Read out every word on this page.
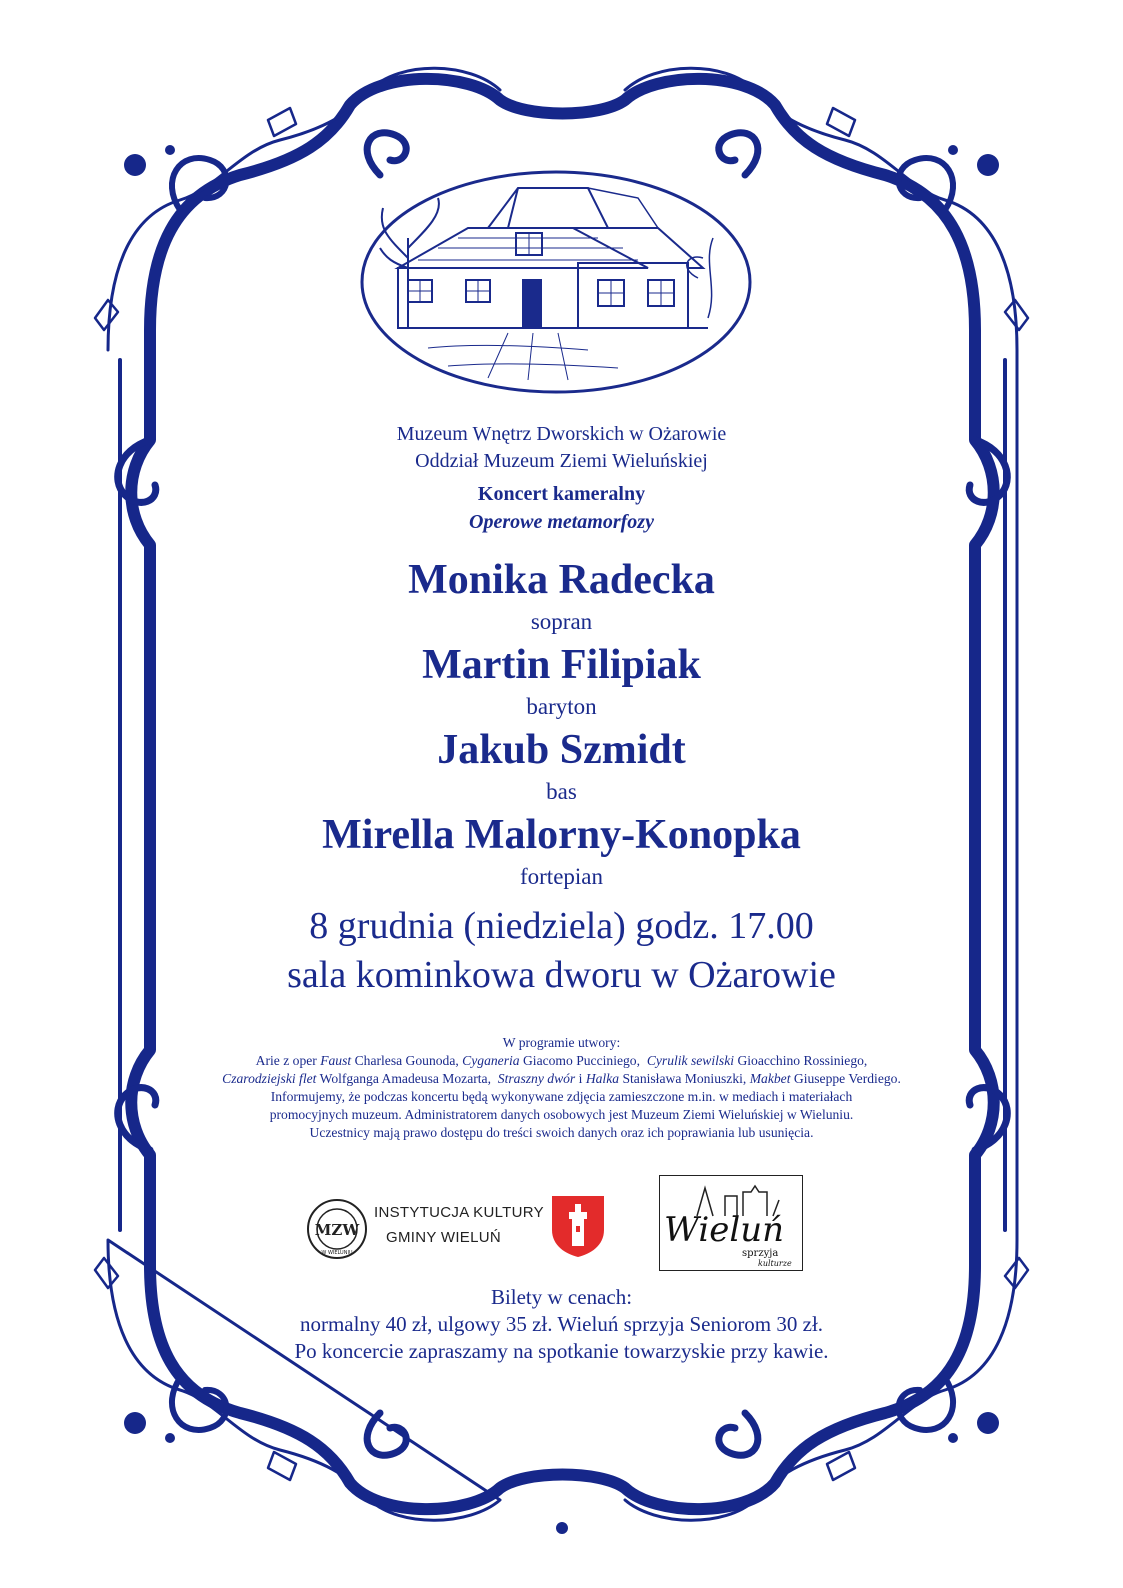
Muzeum Wnętrz Dworskich w Ożarowie
Oddział Muzeum Ziemi Wieluńskiej
Koncert kameralny
Operowe metamorfozy
Monika Radecka
sopran
Martin Filipiak
baryton
Jakub Szmidt
bas
Mirella Malorny-Konopka
fortepian
8 grudnia (niedziela) godz. 17.00
sala kominkowa dworu w Ożarowie
W programie utwory:
Arie z oper Faust Charlesa Gounoda, Cyganeria Giacomo Pucciniego,  Cyrulik sewilski Gioacchino Rossiniego,
Czarodziejski flet Wolfganga Amadeusa Mozarta,  Straszny dwór i Halka Stanisława Moniuszki, Makbet Giuseppe Verdiego.
Informujemy, że podczas koncertu będą wykonywane zdjęcia zamieszczone m.in. w mediach i materiałach
promocyjnych muzeum. Administratorem danych osobowych jest Muzeum Ziemi Wieluńskiej w Wieluniu.
Uczestnicy mają prawo dostępu do treści swoich danych oraz ich poprawiania lub usunięcia.
MZW
W WIELUNIU
INSTYTUCJA KULTURY
GMINY WIELUŃ	Wieluń
sprzyja
kulturze
Bilety w cenach:
normalny 40 zł, ulgowy 35 zł. Wieluń sprzyja Seniorom 30 zł.
Po koncercie zapraszamy na spotkanie towarzyskie przy kawie.
